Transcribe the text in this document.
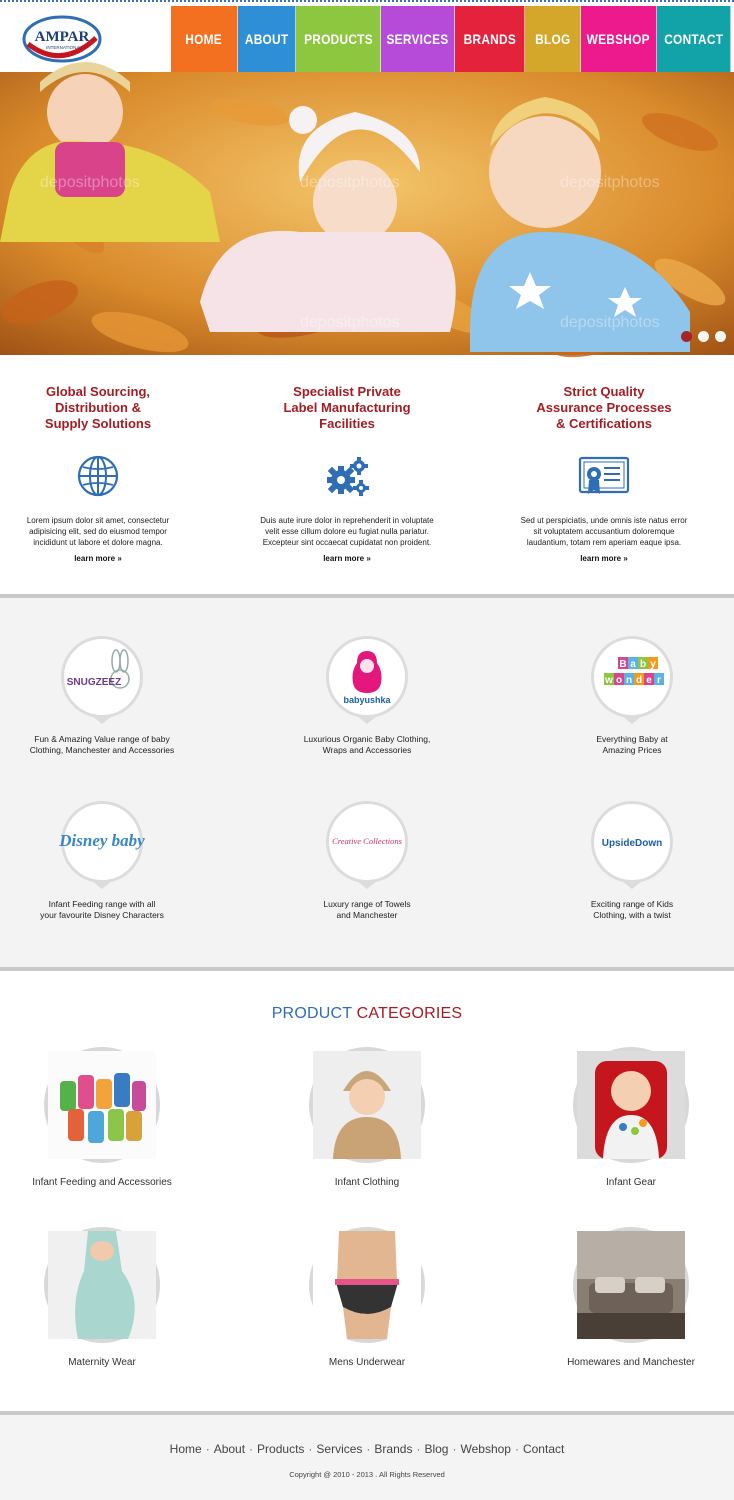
AMPAR
INTERNATIONAL
HOME ABOUT PRODUCTS SERVICES BRANDS BLOG WEBSHOP CONTACT
depositphotos	depositphotos	depositphotos
depositphotos	depositphotos
Global Sourcing,
Distribution &
Supply Solutions

Lorem ipsum dolor sit amet, consectetur
adipisicing elit, sed do eiusmod tempor
incididunt ut labore et dolore magna.

learn more »
Specialist Private
Label Manufacturing
Facilities

Duis aute irure dolor in reprehenderit in voluptate
velit esse cillum dolore eu fugiat nulla pariatur.
Excepteur sint occaecat cupidatat non proident.

learn more »
Strict Quality
Assurance Processes
& Certifications

Sed ut perspiciatis, unde omnis iste natus error
sit voluptatem accusantium doloremque
laudantium, totam rem aperiam eaque ipsa.

learn more »
SNUGZEEZ

Fun & Amazing Value range of baby
Clothing, Manchester and Accessories

babyushka

Luxurious Organic Baby Clothing,
Wraps and Accessories

B a b y
w o n d e r
Baby wonder

Everything Baby at
Amazing Prices

Disney baby

Infant Feeding range with all
your favourite Disney Characters

Creative Collections

Luxury range of Towels
and Manchester

UpsideDown

Exciting range of Kids
Clothing, with a twist

PRODUCT CATEGORIES

Infant Feeding and Accessories	Infant Clothing	Infant Gear

Maternity Wear	Mens Underwear	Homewares and Manchester

Home · About · Products · Services · Brands · Blog · Webshop · Contact
Copyright @ 2010 - 2013 . All Rights Reserved
